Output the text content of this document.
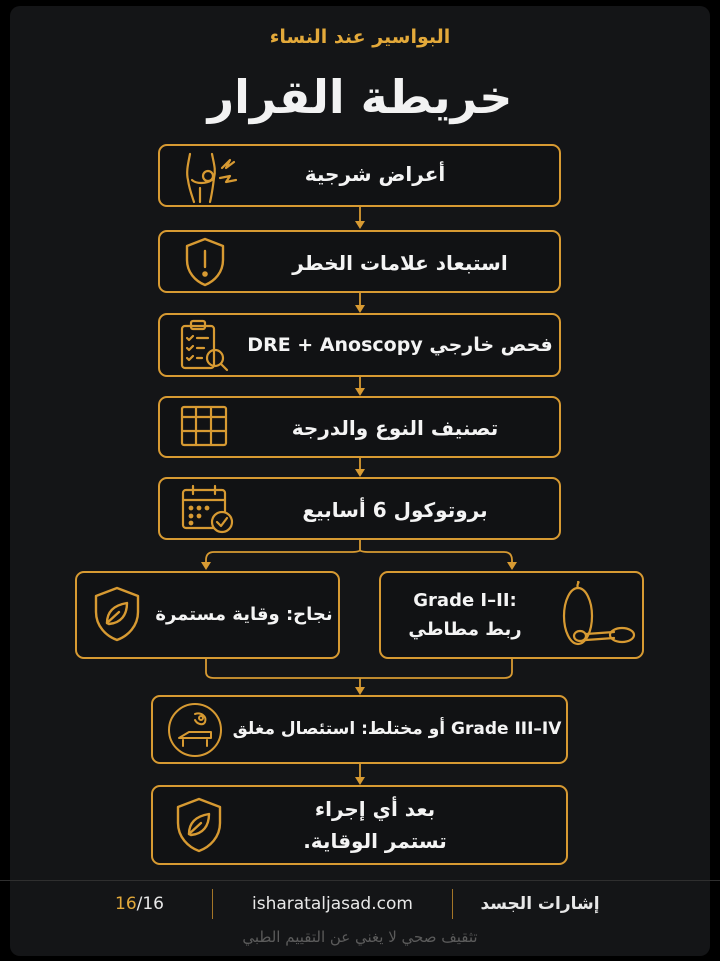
البواسير عند النساء
خريطة القرار
أعراض شرجية
استبعاد علامات الخطر
فحص خارجي DRE + Anoscopy
تصنيف النوع والدرجة
بروتوكول 6 أسابيع
نجاح: وقاية مستمرة
Grade I–II:
ربط مطاطي
Grade III–IV أو مختلط: استئصال مغلق
بعد أي إجراء
تستمر الوقاية.
16/16	isharataljasad.com	إشارات الجسد
تثقيف صحي لا يغني عن التقييم الطبي
